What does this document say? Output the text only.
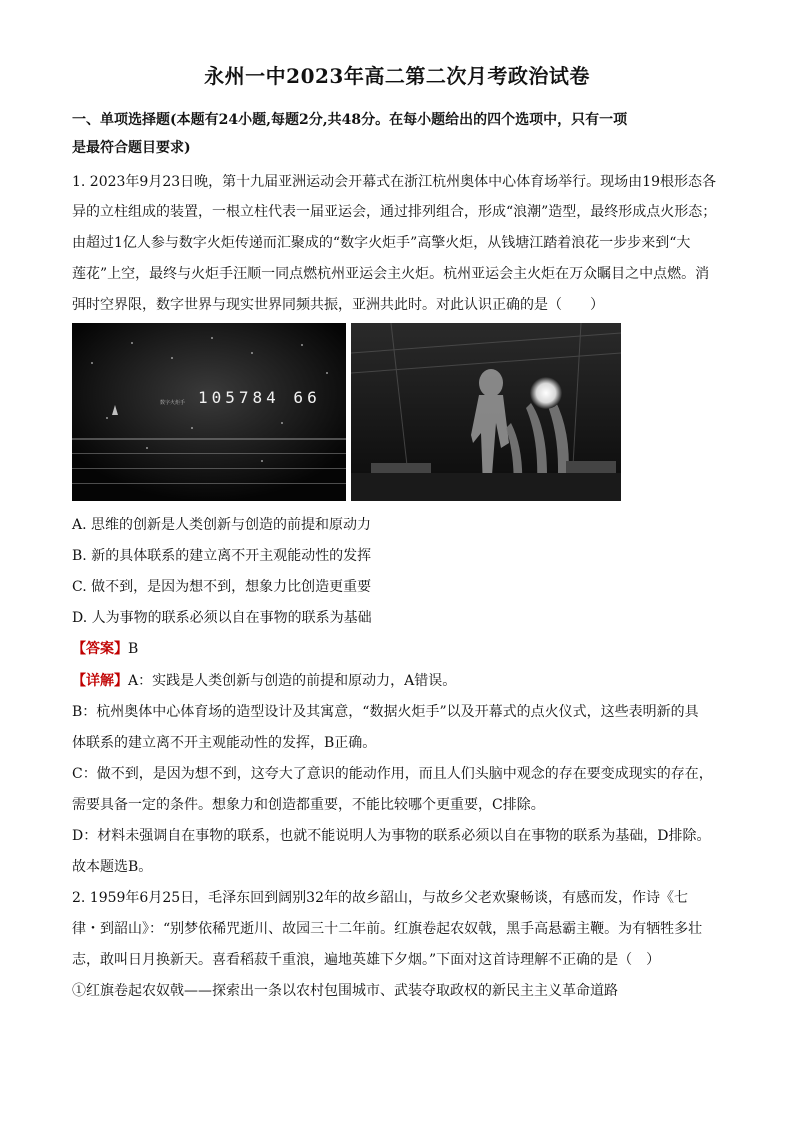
永州一中2023年高二第二次月考政治试卷
一、单项选择题(本题有24小题,每题2分,共48分。在每小题给出的四个选项中，只有一项
是最符合题目要求)
1. 2023年9月23日晚，第十九届亚洲运动会开幕式在浙江杭州奥体中心体育场举行。现场由19根形态各
异的立柱组成的装置，一根立柱代表一届亚运会，通过排列组合，形成“浪潮”造型，最终形成点火形态；
由超过1亿人参与数字火炬传递而汇聚成的“数字火炬手”高擎火炬，从钱塘江踏着浪花一步步来到“大
莲花”上空，最终与火炬手汪顺一同点燃杭州亚运会主火炬。杭州亚运会主火炬在万众瞩目之中点燃。消
弭时空界限，数字世界与现实世界同频共振，亚洲共此时。对此认识正确的是（　　）
数字火炬手 105784 66
A. 思维的创新是人类创新与创造的前提和原动力
B. 新的具体联系的建立离不开主观能动性的发挥
C. 做不到，是因为想不到，想象力比创造更重要
D. 人为事物的联系必须以自在事物的联系为基础
【答案】B
【详解】A：实践是人类创新与创造的前提和原动力，A错误。
B：杭州奥体中心体育场的造型设计及其寓意，“数据火炬手”以及开幕式的点火仪式，这些表明新的具
体联系的建立离不开主观能动性的发挥，B正确。
C：做不到，是因为想不到，这夸大了意识的能动作用，而且人们头脑中观念的存在要变成现实的存在，
需要具备一定的条件。想象力和创造都重要，不能比较哪个更重要，C排除。
D：材料未强调自在事物的联系，也就不能说明人为事物的联系必须以自在事物的联系为基础，D排除。
故本题选B。
2. 1959年6月25日，毛泽东回到阔别32年的故乡韶山，与故乡父老欢聚畅谈，有感而发，作诗《七
律・到韶山》：“别梦依稀咒逝川、故园三十二年前。红旗卷起农奴戟，黑手高悬霸主鞭。为有牺牲多壮
志，敢叫日月换新天。喜看稻菽千重浪，遍地英雄下夕烟。”下面对这首诗理解不正确的是（　）
①红旗卷起农奴戟——探索出一条以农村包围城市、武装夺取政权的新民主主义革命道路
